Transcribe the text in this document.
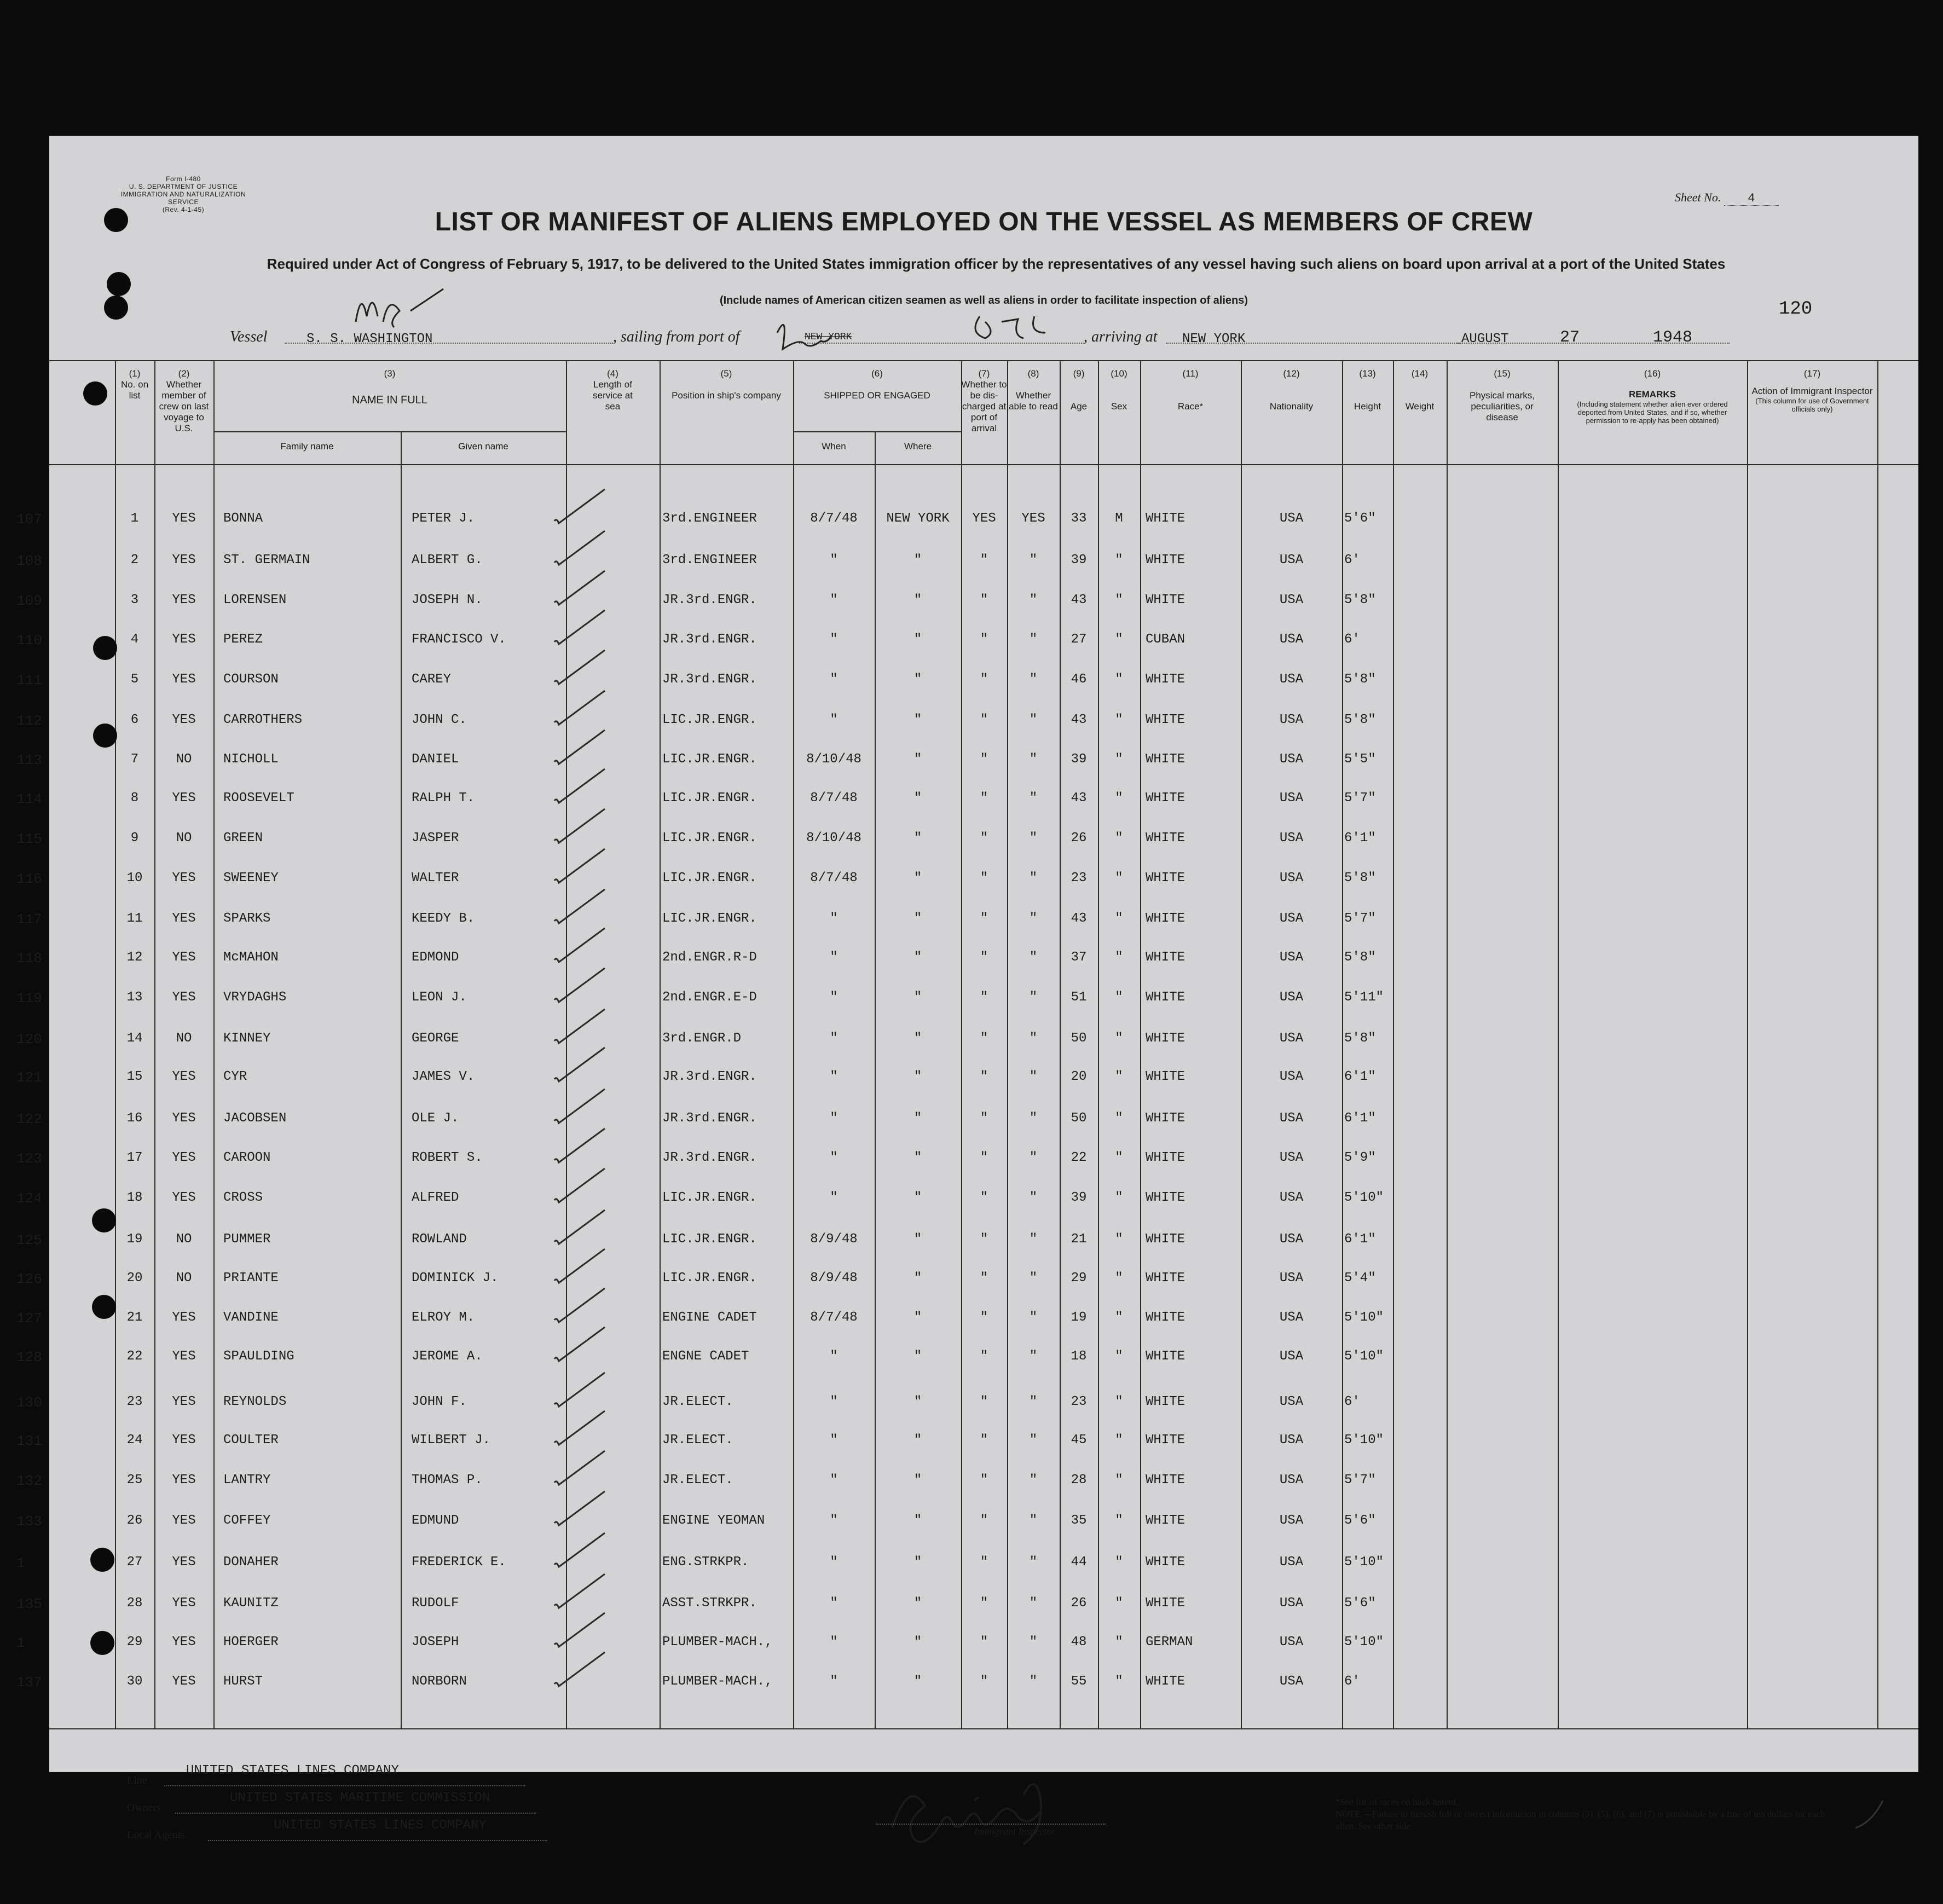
Form I-480
U. S. DEPARTMENT OF JUSTICE
IMMIGRATION AND NATURALIZATION SERVICE
(Rev. 4-1-45)
Sheet No. 4
LIST OR MANIFEST OF ALIENS EMPLOYED ON THE VESSEL AS MEMBERS OF CREW
Required under Act of Congress of February 5, 1917, to be delivered to the United States immigration officer by the representatives of any vessel having such aliens on board upon arrival at a port of the United States
(Include names of American citizen seamen as well as aliens in order to facilitate inspection of aliens)	120
Vessel	S. S. WASHINGTON	, sailing from port of	NEW YORK	, arriving at NEW YORK	AUGUST	27	1948
(1)
No. on list
(2)
Whether member of crew on last voyage to U.S.
(3)
NAME IN FULL
Family name	Given name
(4)
Length of service at sea
(5)
Position in ship's company
(6)
SHIPPED OR ENGAGED
When	Where
(7)
Whether to be dis-charged at port of arrival
(8)
Whether able to read
(9)
Age
(10)
Sex
(11)
Race*
(12)
Nationality
(13)
Height
(14)
Weight
(15)
Physical marks, peculiarities, or disease
(16)
REMARKS
(Including statement whether alien ever ordered deported from United States, and if so, whether permission to re-apply has been obtained)
(17)
Action of Immigrant Inspector
(This column for use of Government officials only)
107	1	YES	BONNA	PETER J.	3rd.ENGINEER	8/7/48	NEW YORK	YES	YES	33	M	WHITE	USA	5'6"
108	2	YES	ST. GERMAIN	ALBERT G.	3rd.ENGINEER	"	"	"	"	39	"	WHITE	USA	6'
109	3	YES	LORENSEN	JOSEPH N.	JR.3rd.ENGR.	"	"	"	"	43	"	WHITE	USA	5'8"
110	4	YES	PEREZ	FRANCISCO V.	JR.3rd.ENGR.	"	"	"	"	27	"	CUBAN	USA	6'
111	5	YES	COURSON	CAREY	JR.3rd.ENGR.	"	"	"	"	46	"	WHITE	USA	5'8"
112	6	YES	CARROTHERS	JOHN C.	LIC.JR.ENGR.	"	"	"	"	43	"	WHITE	USA	5'8"
113	7	NO	NICHOLL	DANIEL	LIC.JR.ENGR.	8/10/48	"	"	"	39	"	WHITE	USA	5'5"
114	8	YES	ROOSEVELT	RALPH T.	LIC.JR.ENGR.	8/7/48	"	"	"	43	"	WHITE	USA	5'7"
115	9	NO	GREEN	JASPER	LIC.JR.ENGR.	8/10/48	"	"	"	26	"	WHITE	USA	6'1"
116	10	YES	SWEENEY	WALTER	LIC.JR.ENGR.	8/7/48	"	"	"	23	"	WHITE	USA	5'8"
117	11	YES	SPARKS	KEEDY B.	LIC.JR.ENGR.	"	"	"	"	43	"	WHITE	USA	5'7"
118	12	YES	McMAHON	EDMOND	2nd.ENGR.R-D	"	"	"	"	37	"	WHITE	USA	5'8"
119	13	YES	VRYDAGHS	LEON J.	2nd.ENGR.E-D	"	"	"	"	51	"	WHITE	USA	5'11"
120	14	NO	KINNEY	GEORGE	3rd.ENGR.D	"	"	"	"	50	"	WHITE	USA	5'8"
121	15	YES	CYR	JAMES V.	JR.3rd.ENGR.	"	"	"	"	20	"	WHITE	USA	6'1"
122	16	YES	JACOBSEN	OLE J.	JR.3rd.ENGR.	"	"	"	"	50	"	WHITE	USA	6'1"
123	17	YES	CAROON	ROBERT S.	JR.3rd.ENGR.	"	"	"	"	22	"	WHITE	USA	5'9"
124	18	YES	CROSS	ALFRED	LIC.JR.ENGR.	"	"	"	"	39	"	WHITE	USA	5'10"
125	19	NO	PUMMER	ROWLAND	LIC.JR.ENGR.	8/9/48	"	"	"	21	"	WHITE	USA	6'1"
126	20	NO	PRIANTE	DOMINICK J.	LIC.JR.ENGR.	8/9/48	"	"	"	29	"	WHITE	USA	5'4"
127	21	YES	VANDINE	ELROY M.	ENGINE CADET	8/7/48	"	"	"	19	"	WHITE	USA	5'10"
128	22	YES	SPAULDING	JEROME A.	ENGNE CADET	"	"	"	"	18	"	WHITE	USA	5'10"
130	23	YES	REYNOLDS	JOHN F.	JR.ELECT.	"	"	"	"	23	"	WHITE	USA	6'
131	24	YES	COULTER	WILBERT J.	JR.ELECT.	"	"	"	"	45	"	WHITE	USA	5'10"
132	25	YES	LANTRY	THOMAS P.	JR.ELECT.	"	"	"	"	28	"	WHITE	USA	5'7"
133	26	YES	COFFEY	EDMUND	ENGINE YEOMAN	"	"	"	"	35	"	WHITE	USA	5'6"
1	27	YES	DONAHER	FREDERICK E.	ENG.STRKPR.	"	"	"	"	44	"	WHITE	USA	5'10"
135	28	YES	KAUNITZ	RUDOLF	ASST.STRKPR.	"	"	"	"	26	"	WHITE	USA	5'6"
1	29	YES	HOERGER	JOSEPH	PLUMBER-MACH.,	"	"	"	"	48	"	GERMAN	USA	5'10"
137	30	YES	HURST	NORBORN	PLUMBER-MACH.,	"	"	"	"	55	"	WHITE	USA	6'
Line
UNITED STATES LINES COMPANY
Owners
UNITED STATES MARITIME COMMISSION
Local Agents
UNITED STATES LINES COMPANY	Immigrant Inspector.
*See list of races on back hereof.
NOTE.—Failure to furnish full or correct information in columns (3), (5), (6), and (7) is punishable by a fine of ten dollars for each alien. See other side.
